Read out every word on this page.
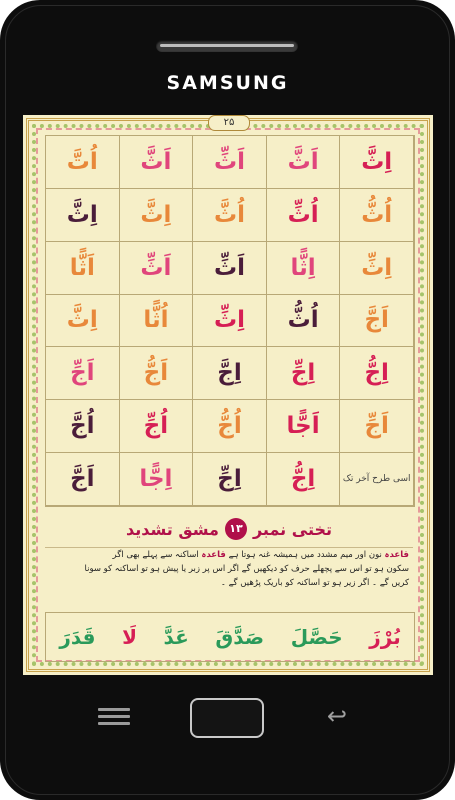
SAMSUNG
۲۵
اُتَّ	اَثَّ	اَثِّ	اَثَّ	اِثَّ
اِثَّ	اِثَّ	اُثَّ	اُثِّ	اُثُّ
اَثًّا	اَثِّ	اَثِّ	اِثًّا	اِثِّ
اِثَّ	اُثًّا	اِثِّ	اُثُّ	اَجَّ
اَجِّ	اَجُّ	اِجَّ	اِجِّ	اِجُّ
اُجَّ	اُجِّ	اُجُّ	اَجًّا	اَجِّ
اَجَّ	اِجًّا	اِجِّ	اِجُّ	اسی طرح آخر تک
تختی نمبر
۱۳
مشق تشدید
قاعدہ نون اور میم مشدد میں ہمیشہ غنہ ہوتا ہے قاعدہ اساکنہ سے پہلے بھی اگر
سکون ہو تو اس سے پچھلے حرف کو دیکھیں گے اگر اس پر زبر یا پیش ہو تو اساکنہ کو سونا
کریں گے ۔ اگر زیر ہو تو اساکنہ کو باریک پڑھیں گے ۔
بُرْزَ
حَصَّلَ
صَدَّقَ
عَدَّ
لَا
قَدَرَ
↩
